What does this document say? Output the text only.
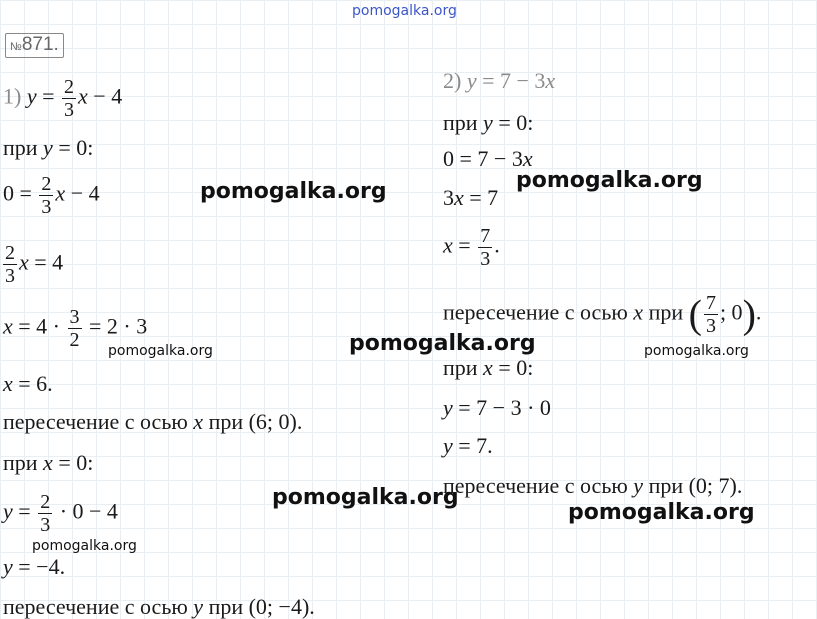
pomogalka.org
№871.
1) $y = \frac{2}{3}$ x − 4
при y = 0:
$0 = \frac{2}{3}$ x − 4
$\frac{2}{3}$ x = 4
$x = 4 \cdot \frac{3}{2} = 2 \cdot 3$
x = 6.
пересечение с осью x при (6; 0).
при x = 0:
$y = \frac{2}{3} \cdot 0 - 4$
y = −4.
пересечение с осью y при (0; −4).
2) y = 7 − 3x
при y = 0:
0 = 7 − 3x
3x = 7
$x = \frac{7}{3}$ .
пересечение с осью x при ( $\frac{7}{3}$ ; 0).
при x = 0:
y = 7 − 3 · 0
y = 7.
пересечение с осью y при (0; 7).
pomogalka.org	pomogalka.org
pomogalka.org
pomogalka.org	pomogalka.org
pomogalka.org
pomogalka.org
pomogalka.org
